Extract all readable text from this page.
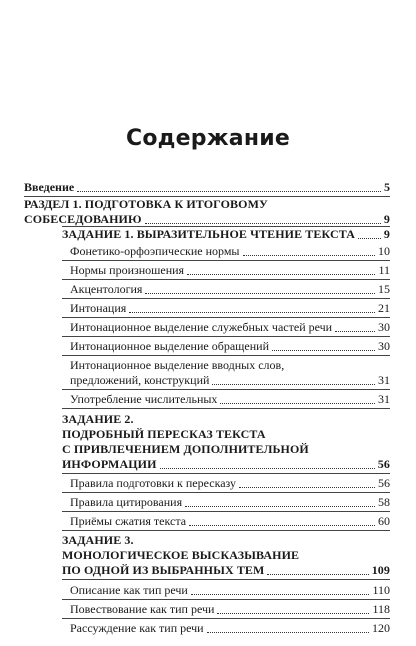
Содержание
Введение	5
РАЗДЕЛ 1. ПОДГОТОВКА К ИТОГОВОМУ
СОБЕСЕДОВАНИЮ	9
ЗАДАНИЕ 1. ВЫРАЗИТЕЛЬНОЕ ЧТЕНИЕ ТЕКСТА 9
Фонетико-орфоэпические нормы	10
Нормы произношения	11
Акцентология	15
Интонация	21
Интонационное выделение служебных частей речи	30
Интонационное выделение обращений	30
Интонационное выделение вводных слов,
предложений, конструкций	31
Употребление числительных	31
ЗАДАНИЕ 2.
ПОДРОБНЫЙ ПЕРЕСКАЗ ТЕКСТА
С ПРИВЛЕЧЕНИЕМ ДОПОЛНИТЕЛЬНОЙ
ИНФОРМАЦИИ	56
Правила подготовки к пересказу	56
Правила цитирования	58
Приёмы сжатия текста	60
ЗАДАНИЕ 3.
МОНОЛОГИЧЕСКОЕ ВЫСКАЗЫВАНИЕ
ПО ОДНОЙ ИЗ ВЫБРАННЫХ ТЕМ	109
Описание как тип речи	110
Повествование как тип речи	118
Рассуждение как тип речи	120
